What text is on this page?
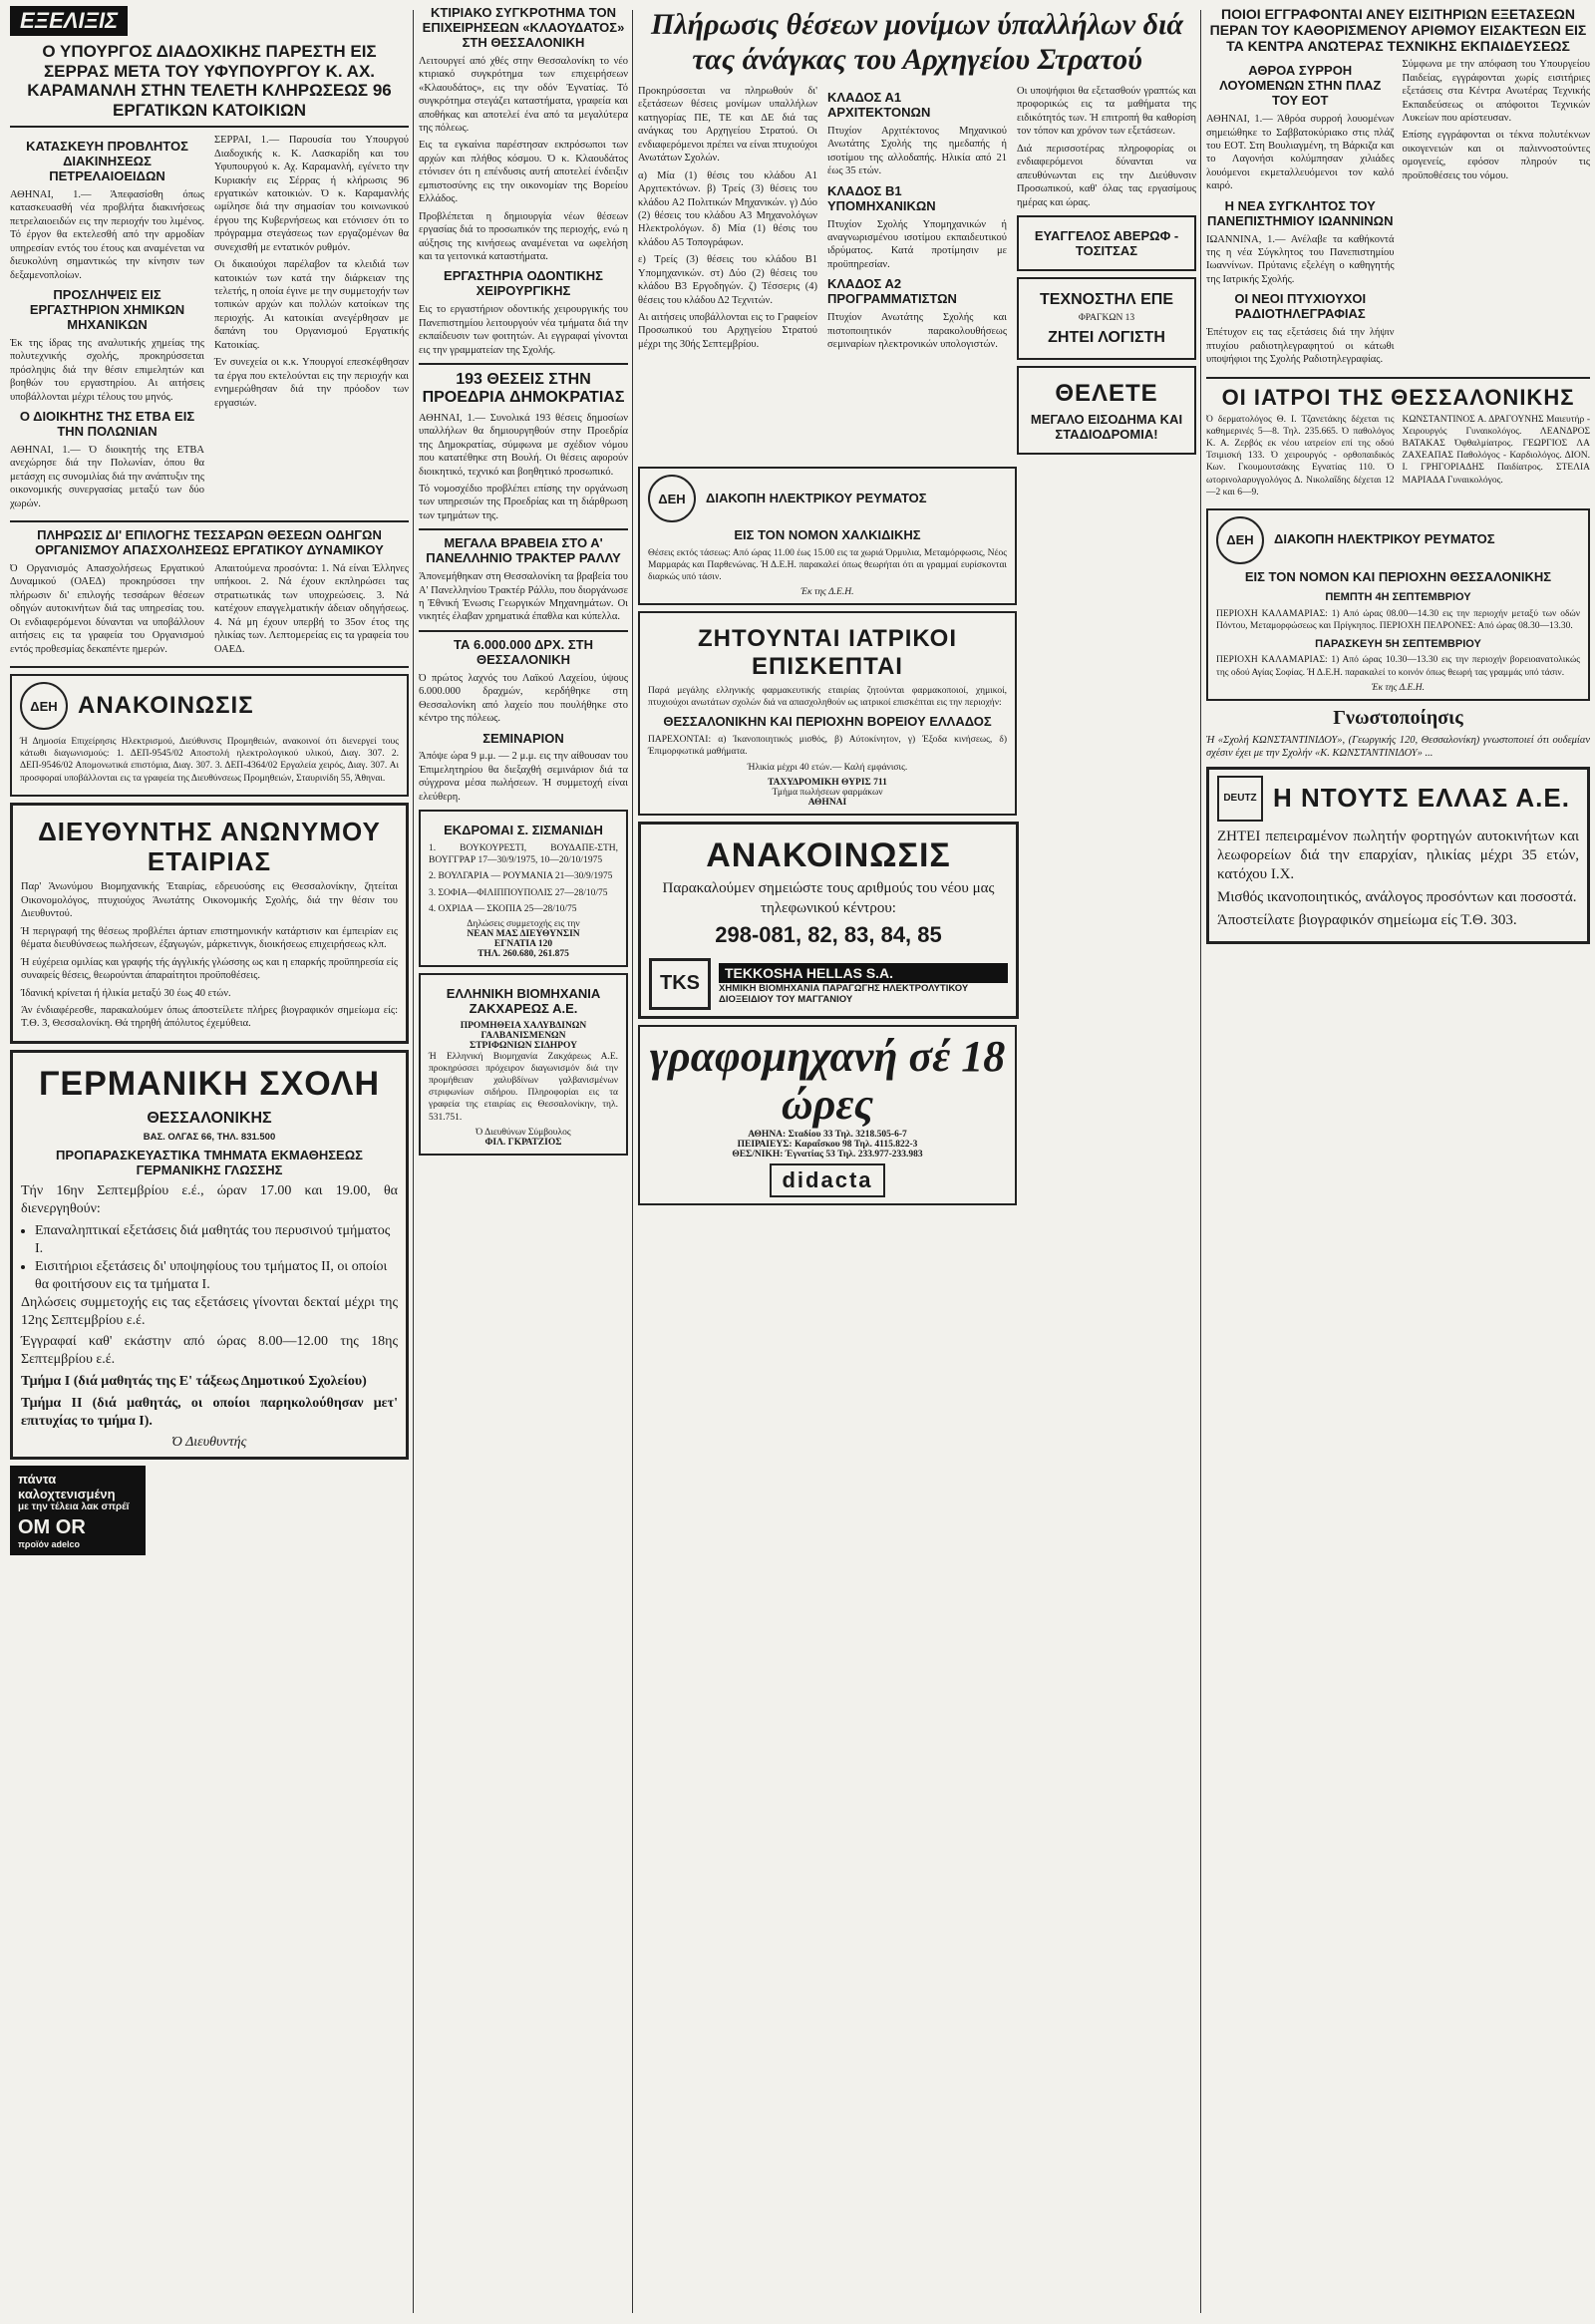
ΕΞΕΛΙΞΙΣ
Ο ΥΠΟΥΡΓΟΣ ΔΙΑΔΟΧΙΚΗΣ ΠΑΡΕΣΤΗ ΕΙΣ ΣΕΡΡΑΣ ΜΕΤΑ ΤΟΥ ΥΦΥΠΟΥΡΓΟΥ Κ. ΑΧ. ΚΑΡΑΜΑΝΛΗ ΣΤΗΝ ΤΕΛΕΤΗ ΚΛΗΡΩΣΕΩΣ 96 ΕΡΓΑΤΙΚΩΝ ΚΑΤΟΙΚΙΩΝ
ΚΑΤΑΣΚΕΥΗ ΠΡΟΒΛΗΤΟΣ ΔΙΑΚΙΝΗΣΕΩΣ ΠΕΤΡΕΛΑΙΟΕΙΔΩΝ

ΑΘΗΝΑΙ, 1.— Άπεφασίσθη όπως κατασκευασθή νέα προβλήτα διακινήσεως πετρελαιοειδών εις την περιοχήν του λιμένος. Τό έργον θα εκτελεσθή από την αρμοδίαν υπηρεσίαν εντός του έτους και αναμένεται να διευκολύνη σημαντικώς την κίνησιν των δεξαμενοπλοίων.

ΠΡΟΣΛΗΨΕΙΣ ΕΙΣ ΕΡΓΑΣΤΗΡΙΟΝ ΧΗΜΙΚΩΝ ΜΗΧΑΝΙΚΩΝ

Έκ της ίδρας της αναλυτικής χημείας της πολυτεχνικής σχολής, προκηρύσσεται πρόσληψις διά την θέσιν επιμελητών και βοηθών του εργαστηρίου. Αι αιτήσεις υποβάλλονται μέχρι τέλους του μηνός.

Ο ΔΙΟΙΚΗΤΗΣ ΤΗΣ ΕΤΒΑ ΕΙΣ ΤΗΝ ΠΟΛΩΝΙΑΝ

ΑΘΗΝΑΙ, 1.— Ό διοικητής της ΕΤΒΑ ανεχώρησε διά την Πολωνίαν, όπου θα μετάσχη εις συνομιλίας διά την ανάπτυξιν της οικονομικής συνεργασίας μεταξύ των δύο χωρών.

ΣΕΡΡΑΙ, 1.— Παρουσία του Υπουργού Διαδοχικής κ. Κ. Λασκαρίδη και του Υφυπουργού κ. Αχ. Καραμανλή, εγένετο την Κυριακήν εις Σέρρας ή κλήρωσις 96 εργατικών κατοικιών. Ό κ. Καραμανλής ωμίλησε διά την σημασίαν του κοινωνικού έργου της Κυβερνήσεως και ετόνισεν ότι το πρόγραμμα στεγάσεως των εργαζομένων θα συνεχισθή με εντατικόν ρυθμόν.

Οι δικαιούχοι παρέλαβον τα κλειδιά των κατοικιών των κατά την διάρκειαν της τελετής, η οποία έγινε με την συμμετοχήν των τοπικών αρχών και πολλών κατοίκων της περιοχής. Αι κατοικίαι ανεγέρθησαν με δαπάνη του Οργανισμού Εργατικής Κατοικίας.

Έν συνεχεία οι κ.κ. Υπουργοί επεσκέφθησαν τα έργα που εκτελούνται εις την περιοχήν και ενημερώθησαν διά την πρόοδον των εργασιών.

ΠΛΗΡΩΣΙΣ ΔΙ' ΕΠΙΛΟΓΗΣ ΤΕΣΣΑΡΩΝ ΘΕΣΕΩΝ ΟΔΗΓΩΝ ΟΡΓΑΝΙΣΜΟΥ ΑΠΑΣΧΟΛΗΣΕΩΣ ΕΡΓΑΤΙΚΟΥ ΔΥΝΑΜΙΚΟΥ

Ό Οργανισμός Απασχολήσεως Εργατικού Δυναμικού (ΟΑΕΔ) προκηρύσσει την πλήρωσιν δι' επιλογής τεσσάρων θέσεων οδηγών αυτοκινήτων διά τας υπηρεσίας του. Οι ενδιαφερόμενοι δύνανται να υποβάλλουν αιτήσεις εις τα γραφεία του Οργανισμού εντός προθεσμίας δεκαπέντε ημερών.

Απαιτούμενα προσόντα: 1. Νά είναι Έλληνες υπήκοοι. 2. Νά έχουν εκπληρώσει τας στρατιωτικάς των υποχρεώσεις. 3. Νά κατέχουν επαγγελματικήν άδειαν οδηγήσεως. 4. Νά μη έχουν υπερβή το 35ον έτος της ηλικίας των. Λεπτομερείας εις τα γραφεία του ΟΑΕΔ.

ΔΕΗ ΑΝΑΚΟΙΝΩΣΙΣ

Ή Δημοσία Επιχείρησις Ηλεκτρισμού, Διεύθυνσις Προμηθειών, ανακοινοί ότι διενεργεί τους κάτωθι διαγωνισμούς: 1. ΔΕΠ-9545/02 Αποστολή ηλεκτρολογικού υλικού, Διαγ. 307. 2. ΔΕΠ-9546/02 Απομονωτικά επιστόμια, Διαγ. 307. 3. ΔΕΠ-4364/02 Εργαλεία χειρός, Διαγ. 307. Αι προσφοραί υποβάλλονται εις τα γραφεία της Διευθύνσεως Προμηθειών, Σταυρινίδη 55, Άθηναι.

ΔΙΕΥΘΥΝΤΗΣ ΑΝΩΝΥΜΟΥ ΕΤΑΙΡΙΑΣ

Παρ' Άνωνύμου Βιομηχανικής Έταιρίας, εδρευούσης εις Θεσσαλονίκην, ζητείται Οικονομολόγος, πτυχιούχος Άνωτάτης Οικονομικής Σχολής, διά την θέσιν του Διευθυντού.

Ή περιγραφή της θέσεως προβλέπει άρτιαν επιστημονικήν κατάρτισιν και έμπειρίαν εις θέματα διευθύνσεως πωλήσεων, έξαγωγών, μάρκετινγκ, διοικήσεως επιχειρήσεως κλπ.

Ή εύχέρεια ομιλίας και γραφής τής άγγλικής γλώσσης ως και η επαρκής προϋπηρεσία είς συναφείς θέσεις, θεωρούνται άπαραίτητοι προϋποθέσεις.

Ίδανική κρίνεται ή ήλικία μεταξύ 30 έως 40 ετών.

Άν ένδιαφέρεσθε, παρακαλούμεν όπως άποστείλετε πλήρες βιογραφικόν σημείωμα είς: Τ.Θ. 3, Θεσσαλονίκη. Θά τηρηθή άπόλυτος έχεμύθεια.

ΓΕΡΜΑΝΙΚΗ ΣΧΟΛΗ
ΘΕΣΣΑΛΟΝΙΚΗΣ
ΒΑΣ. ΟΛΓΑΣ 66, ΤΗΛ. 831.500
ΠΡΟΠΑΡΑΣΚΕΥΑΣΤΙΚΑ ΤΜΗΜΑΤΑ ΕΚΜΑΘΗΣΕΩΣ ΓΕΡΜΑΝΙΚΗΣ ΓΛΩΣΣΗΣ

Τήν 16ην Σεπτεμβρίου ε.έ., ώραν 17.00 και 19.00, θα διενεργηθούν:

• Επαναληπτικαί εξετάσεις διά μαθητάς του περυσινού τμήματος Ι.
• Εισιτήριοι εξετάσεις δι' υποψηφίους του τμήματος ΙΙ, οι οποίοι θα φοιτήσουν εις τα τμήματα Ι.

Δηλώσεις συμμετοχής εις τας εξετάσεις γίνονται δεκταί μέχρι της 12ης Σεπτεμβρίου ε.έ.

Έγγραφαί καθ' εκάστην από ώρας 8.00—12.00 της 18ης Σεπτεμβρίου ε.έ.

Τμήμα Ι (διά μαθητάς της Ε' τάξεως Δημοτικού Σχολείου)

Τμήμα ΙΙ (διά μαθητάς, οι οποίοι παρηκολούθησαν μετ' επιτυχίας το τμήμα Ι).

Ό Διευθυντής
πάντα
καλοχτενισμένη
με την τέλεια λακ σπρέϊ
OM OR
προϊόν adelco
ΚΤΙΡΙΑΚΟ ΣΥΓΚΡΟΤΗΜΑ ΤΟΝ ΕΠΙΧΕΙΡΗΣΕΩΝ «ΚΛΑΟΥΔΑΤΟΣ» ΣΤΗ ΘΕΣΣΑΛΟΝΙΚΗ

Λειτουργεί από χθές στην Θεσσαλονίκη το νέο κτιριακό συγκρότημα των επιχειρήσεων «Κλαουδάτος», εις την οδόν Έγνατίας. Τό συγκρότημα στεγάζει καταστήματα, γραφεία και αποθήκας και αποτελεί ένα από τα μεγαλύτερα της πόλεως.

Εις τα εγκαίνια παρέστησαν εκπρόσωποι των αρχών και πλήθος κόσμου. Ό κ. Κλαουδάτος ετόνισεν ότι η επένδυσις αυτή αποτελεί ένδειξιν εμπιστοσύνης εις την οικονομίαν της Βορείου Ελλάδος.

Προβλέπεται η δημιουργία νέων θέσεων εργασίας διά το προσωπικόν της περιοχής, ενώ η αύξησις της κινήσεως αναμένεται να ωφελήση και τα γειτονικά καταστήματα.

ΕΡΓΑΣΤΗΡΙΑ ΟΔΟΝΤΙΚΗΣ ΧΕΙΡΟΥΡΓΙΚΗΣ

Εις το εργαστήριον οδοντικής χειρουργικής του Πανεπιστημίου λειτουργούν νέα τμήματα διά την εκπαίδευσιν των φοιτητών. Αι εγγραφαί γίνονται εις την γραμματείαν της Σχολής.

193 ΘΕΣΕΙΣ ΣΤΗΝ ΠΡΟΕΔΡΙΑ ΔΗΜΟΚΡΑΤΙΑΣ

ΑΘΗΝΑΙ, 1.— Συνολικά 193 θέσεις δημοσίων υπαλλήλων θα δημιουργηθούν στην Προεδρία της Δημοκρατίας, σύμφωνα με σχέδιον νόμου που κατατέθηκε στη Βουλή. Οι θέσεις αφορούν διοικητικό, τεχνικό και βοηθητικό προσωπικό.

Τό νομοσχέδιο προβλέπει επίσης την οργάνωση των υπηρεσιών της Προεδρίας και τη διάρθρωση των τμημάτων της.

ΜΕΓΑΛΑ ΒΡΑΒΕΙΑ ΣΤΟ Α' ΠΑΝΕΛΛΗΝΙΟ ΤΡΑΚΤΕΡ ΡΑΛΛΥ

Άπονεμήθηκαν στη Θεσσαλονίκη τα βραβεία του Α' Πανελληνίου Τρακτέρ Ράλλυ, που διοργάνωσε η Έθνική Ένωσις Γεωργικών Μηχανημάτων. Οι νικητές έλαβαν χρηματικά έπαθλα και κύπελλα.

ΤΑ 6.000.000 ΔΡΧ. ΣΤΗ ΘΕΣΣΑΛΟΝΙΚΗ

Ό πρώτος λαχνός του Λαϊκού Λαχείου, ύψους 6.000.000 δραχμών, κερδήθηκε στη Θεσσαλονίκη από λαχείο που πουλήθηκε στο κέντρο της πόλεως.

ΣΕΜΙΝΑΡΙΟΝ

Άπόψε ώρα 9 μ.μ. — 2 μ.μ. εις την αίθουσαν του Έπιμελητηρίου θα διεξαχθή σεμινάριον διά τα σύγχρονα μέσα πωλήσεων. Ή συμμετοχή είναι ελεύθερη.

ΕΚΔΡΟΜΑΙ Σ. ΣΙΣΜΑΝΙΔΗ

1. ΒΟΥΚΟΥΡΕΣΤΙ, ΒΟΥΔΑΠΕ-ΣΤΗ, ΒΟΥΓΓΡΑΡ 17—30/9/1975, 10—20/10/1975

2. ΒΟΥΛΓΑΡΙΑ — ΡΟΥΜΑΝΙΑ 21—30/9/1975

3. ΣΟΦΙΑ—ΦΙΛΙΠΠΟΥΠΟΛΙΣ 27—28/10/75

4. ΟΧΡΙΔΑ — ΣΚΟΠΙΑ 25—28/10/75

Δηλώσεις συμμετοχής εις την
ΝΕΑΝ ΜΑΣ ΔΙΕΥΘΥΝΣΙΝ
ΕΓΝΑΤΙΑ 120
ΤΗΛ. 260.680, 261.875
ΕΛΛΗΝΙΚΗ ΒΙΟΜΗΧΑΝΙΑ ΖΑΚΧΑΡΕΩΣ Α.Ε.
ΠΡΟΜΗΘΕΙΑ ΧΑΛΥΒΔΙΝΩΝ
ΓΑΛΒΑΝΙΣΜΕΝΩΝ
ΣΤΡΙΦΩΝΙΩΝ ΣΙΔΗΡΟΥ

Ή Ελληνική Βιομηχανία Ζακχάρεως Α.Ε. προκηρύσσει πρόχειρον διαγωνισμόν διά την προμήθειαν χαλυβδίνων γαλβανισμένων στριφωνίων σιδήρου. Πληροφορίαι εις τα γραφεία της εταιρίας εις Θεσσαλονίκην, τηλ. 531.751.

Ό Διευθύνων Σύμβουλος
ΦΙΛ. ΓΚΡΑΤΖΙΟΣ
Πλήρωσις θέσεων μονίμων ύπαλλήλων διά τας άνάγκας του Αρχηγείου Στρατού

Προκηρύσσεται να πληρωθούν δι' εξετάσεων θέσεις μονίμων υπαλλήλων κατηγορίας ΠΕ, ΤΕ και ΔΕ διά τας ανάγκας του Αρχηγείου Στρατού. Οι ενδιαφερόμενοι πρέπει να είναι πτυχιούχοι Ανωτάτων Σχολών.

α) Μία (1) θέσις του κλάδου Α1 Αρχιτεκτόνων. β) Τρείς (3) θέσεις του κλάδου Α2 Πολιτικών Μηχανικών. γ) Δύο (2) θέσεις του κλάδου Α3 Μηχανολόγων Ηλεκτρολόγων. δ) Μία (1) θέσις του κλάδου Α5 Τοπογράφων.

ε) Τρείς (3) θέσεις του κλάδου Β1 Υπομηχανικών. στ) Δύο (2) θέσεις του κλάδου Β3 Εργοδηγών. ζ) Τέσσερις (4) θέσεις του κλάδου Δ2 Τεχνιτών.

Αι αιτήσεις υποβάλλονται εις το Γραφείον Προσωπικού του Αρχηγείου Στρατού μέχρι της 30ής Σεπτεμβρίου.

ΚΛΑΔΟΣ Α1 ΑΡΧΙΤΕΚΤΟΝΩΝ

Πτυχίον Αρχιτέκτονος Μηχανικού Ανωτάτης Σχολής της ημεδαπής ή ισοτίμου της αλλοδαπής. Ηλικία από 21 έως 35 ετών.

ΚΛΑΔΟΣ Β1 ΥΠΟΜΗΧΑΝΙΚΩΝ

Πτυχίον Σχολής Υπομηχανικών ή αναγνωρισμένου ισοτίμου εκπαιδευτικού ιδρύματος. Κατά προτίμησιν με προϋπηρεσίαν.

ΚΛΑΔΟΣ Α2 ΠΡΟΓΡΑΜΜΑΤΙΣΤΩΝ

Πτυχίον Ανωτάτης Σχολής και πιστοποιητικόν παρακολουθήσεως σεμιναρίων ηλεκτρονικών υπολογιστών.

Οι υποψήφιοι θα εξετασθούν γραπτώς και προφορικώς εις τα μαθήματα της ειδικότητός των. Ή επιτροπή θα καθορίση τον τόπον και χρόνον των εξετάσεων.

Διά περισσοτέρας πληροφορίας οι ενδιαφερόμενοι δύνανται να απευθύνωνται εις την Διεύθυνσιν Προσωπικού, καθ' όλας τας εργασίμους ημέρας και ώρας.

ΕΥΑΓΓΕΛΟΣ ΑΒΕΡΩΦ - ΤΟΣΙΤΣΑΣ
ΤΕΧΝΟΣΤΗΛ ΕΠΕ
ΦΡΑΓΚΩΝ 13
ΖΗΤΕΙ ΛΟΓΙΣΤΗ
ΘΕΛΕΤΕ
ΜΕΓΑΛΟ ΕΙΣΟΔΗΜΑ ΚΑΙ ΣΤΑΔΙΟΔΡΟΜΙΑ!
ΔΕΗ	ΔΙΑΚΟΠΗ ΗΛΕΚΤΡΙΚΟΥ ΡΕΥΜΑΤΟΣ
ΕΙΣ ΤΟΝ ΝΟΜΟΝ ΧΑΛΚΙΔΙΚΗΣ

Θέσεις εκτός τάσεως: Από ώρας 11.00 έως 15.00 εις τα χωριά Όρμυλια, Μεταμόρφωσις, Νέος Μαρμαράς και Παρθενώνας. Ή Δ.Ε.Η. παρακαλεί όπως θεωρήται ότι αι γραμμαί ευρίσκονται διαρκώς υπό τάσιν.

Έκ της Δ.Ε.Η.
ΖΗΤΟΥΝΤΑΙ ΙΑΤΡΙΚΟΙ ΕΠΙΣΚΕΠΤΑΙ

Παρά μεγάλης ελληνικής φαρμακευτικής εταιρίας ζητούνται φαρμακοποιοί, χημικοί, πτυχιούχοι ανωτάτων σχολών διά να απασχοληθούν ως ιατρικοί επισκέπται εις την περιοχήν:

ΘΕΣΣΑΛΟΝΙΚΗΝ ΚΑΙ ΠΕΡΙΟΧΗΝ ΒΟΡΕΙΟΥ ΕΛΛΑΔΟΣ

ΠΑΡΕΧΟΝΤΑΙ: α) Ίκανοποιητικός μισθός, β) Αύτοκίνητον, γ) Έξοδα κινήσεως, δ) Έπιμορφωτικά μαθήματα.

Ήλικία μέχρι 40 ετών.— Καλή εμφάνισις.

ΤΑΧΥΔΡΟΜΙΚΗ ΘΥΡΙΣ 711
Τμήμα πωλήσεων φαρμάκων
ΑΘΗΝΑΙ
ΑΝΑΚΟΙΝΩΣΙΣ

Παρακαλούμεν σημειώστε τους αριθμούς του νέου μας τηλεφωνικού κέντρου:

298-081, 82, 83, 84, 85
TKS	TEKKOSHA HELLAS S.A.
ΧΗΜΙΚΗ ΒΙΟΜΗΧΑΝΙΑ ΠΑΡΑΓΩΓΗΣ ΗΛΕΚΤΡΟΛΥΤΙΚΟΥ ΔΙΟΞΕΙΔΙΟΥ ΤΟΥ ΜΑΓΓΑΝΙΟΥ
γραφομηχανή σέ 18 ώρες
ΑΘΗΝΑ: Σταδίου 33 Τηλ. 3218.505-6-7
ΠΕΙΡΑΙΕΥΣ: Καραΐσκου 98 Τηλ. 4115.822-3
ΘΕΣ/ΝΙΚΗ: Έγνατίας 53 Τηλ. 233.977-233.983
didacta
ΠΟΙΟΙ ΕΓΓΡΑΦΟΝΤΑΙ ΑΝΕΥ ΕΙΣΙΤΗΡΙΩΝ ΕΞΕΤΑΣΕΩΝ ΠΕΡΑΝ ΤΟΥ ΚΑΘΟΡΙΣΜΕΝΟΥ ΑΡΙΘΜΟΥ ΕΙΣΑΚΤΕΩΝ ΕΙΣ ΤΑ ΚΕΝΤΡΑ ΑΝΩΤΕΡΑΣ ΤΕΧΝΙΚΗΣ ΕΚΠΑΙΔΕΥΣΕΩΣ
ΑΘΡΟΑ ΣΥΡΡΟΗ ΛΟΥΟΜΕΝΩΝ ΣΤΗΝ ΠΛΑΖ ΤΟΥ ΕΟΤ

ΑΘΗΝΑΙ, 1.— Άθρόα συρροή λουομένων σημειώθηκε το Σαββατοκύριακο στις πλάζ του ΕΟΤ. Στη Βουλιαγμένη, τη Βάρκιζα και το Λαγονήσι κολύμπησαν χιλιάδες λουόμενοι εκμεταλλευόμενοι τον καλό καιρό.

Η ΝΕΑ ΣΥΓΚΛΗΤΟΣ ΤΟΥ ΠΑΝΕΠΙΣΤΗΜΙΟΥ ΙΩΑΝΝΙΝΩΝ

ΙΩΑΝΝΙΝΑ, 1.— Ανέλαβε τα καθήκοντά της η νέα Σύγκλητος του Πανεπιστημίου Ιωαννίνων. Πρύτανις εξελέγη ο καθηγητής της Ιατρικής Σχολής.

ΟΙ ΝΕΟΙ ΠΤΥΧΙΟΥΧΟΙ ΡΑΔΙΟΤΗΛΕΓΡΑΦΙΑΣ

Έπέτυχον εις τας εξετάσεις διά την λήψιν πτυχίου ραδιοτηλεγραφητού οι κάτωθι υποψήφιοι της Σχολής Ραδιοτηλεγραφίας.

Σύμφωνα με την απόφαση του Υπουργείου Παιδείας, εγγράφονται χωρίς εισιτήριες εξετάσεις στα Κέντρα Ανωτέρας Τεχνικής Εκπαιδεύσεως οι απόφοιτοι Τεχνικών Λυκείων που αρίστευσαν.

Επίσης εγγράφονται οι τέκνα πολυτέκνων οικογενειών και οι παλιννοστούντες ομογενείς, εφόσον πληρούν τις προϋποθέσεις του νόμου.

ΟΙ ΙΑΤΡΟΙ ΤΗΣ ΘΕΣΣΑΛΟΝΙΚΗΣ

Ό δερματολόγος Θ. Ι. Τζανετάκης δέχεται τις καθημερινές 5—8. Τηλ. 235.665. Ό παθολόγος Κ. Α. Ζερβός εκ νέου ιατρείον επί της οδού Τσιμισκή 133. Ό χειρουργός - ορθοπαιδικός Κων. Γκουμουτσάκης Εγνατίας 110. Ό ωτορινολαρυγγολόγος Δ. Νικολαΐδης δέχεται 12—2 και 6—9.

ΚΩΝΣΤΑΝΤΙΝΟΣ Α. ΔΡΑΓΟΥΝΗΣ Μαιευτήρ - Χειρουργός Γυναικολόγος. ΛΕΑΝΔΡΟΣ ΒΑΤΑΚΑΣ Όφθαλμίατρος. ΓΕΩΡΓΙΟΣ ΛΑ ΖΑΧΕΑΠΑΣ Παθολόγος - Καρδιολόγος. ΔΙΟΝ. Ι. ΓΡΗΓΟΡΙΑΔΗΣ Παιδίατρος. ΣΤΕΛΙΑ ΜΑΡΙΑΔΑ Γυναικολόγος.

ΔΕΗ	ΔΙΑΚΟΠΗ ΗΛΕΚΤΡΙΚΟΥ ΡΕΥΜΑΤΟΣ
ΕΙΣ ΤΟΝ ΝΟΜΟΝ ΚΑΙ ΠΕΡΙΟΧΗΝ ΘΕΣΣΑΛΟΝΙΚΗΣ
ΠΕΜΠΤΗ 4Η ΣΕΠΤΕΜΒΡΙΟΥ

ΠΕΡΙΟΧΗ ΚΑΛΑΜΑΡΙΑΣ: 1) Από ώρας 08.00—14.30 εις την περιοχήν μεταξύ των οδών Πόντου, Μεταμορφώσεως και Πρίγκηπος. ΠΕΡΙΟΧΗ ΠΕΛΡΟΝΕΣ: Από ώρας 08.30—13.30.

ΠΑΡΑΣΚΕΥΗ 5Η ΣΕΠΤΕΜΒΡΙΟΥ

ΠΕΡΙΟΧΗ ΚΑΛΑΜΑΡΙΑΣ: 1) Από ώρας 10.30—13.30 εις την περιοχήν βορειοανατολικώς της οδού Αγίας Σοφίας. Ή Δ.Ε.Η. παρακαλεί το κοινόν όπως θεωρή τας γραμμάς υπό τάσιν.

Έκ της Δ.Ε.Η.
Γνωστοποίησις

Ή «Σχολή ΚΩΝΣΤΑΝΤΙΝΙΔΟΥ», (Γεωργικής 120, Θεσσαλονίκη) γνωστοποιεί ότι ουδεμίαν σχέσιν έχει με την Σχολήν «Κ. ΚΩΝΣΤΑΝΤΙΝΙΔΟΥ» ...

DEUTZ Η ΝΤΟΥΤΣ ΕΛΛΑΣ Α.Ε.

ΖΗΤΕΙ πεπειραμένον πωλητήν φορτηγών αυτοκινήτων και λεωφορείων διά την επαρχίαν, ηλικίας μέχρι 35 ετών, κατόχου Ι.Χ.

Μισθός ικανοποιητικός, ανάλογος προσόντων και ποσοστά.

Άποστείλατε βιογραφικόν σημείωμα είς Τ.Θ. 303.
